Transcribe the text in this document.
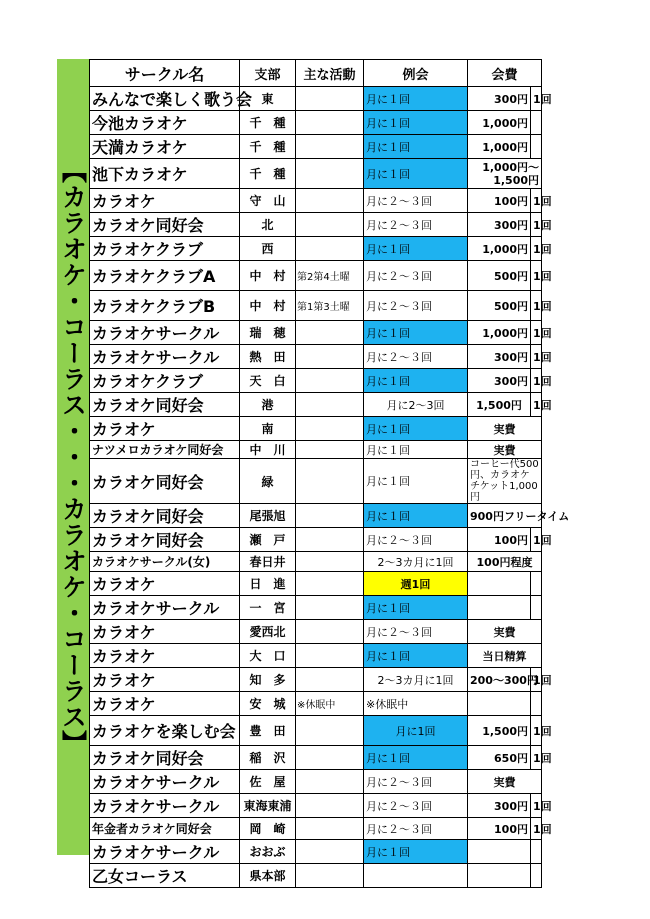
【カラオケ・コーラス・・・カラオケ・コーラス】
サークル名	支部	主な活動	例会	会費	
みんなで楽しく歌う会	東		月に１回	300円	1回
今池カラオケ	千　種		月に１回	1,000円	
天満カラオケ	千　種		月に１回	1,000円	
池下カラオケ	千　種		月に１回	1,000円～1,500円	
カラオケ	守　山		月に２～３回	100円	1回
カラオケ同好会	北		月に２～３回	300円	1回
カラオケクラブ	西		月に１回	1,000円	1回
カラオケクラブA	中　村	第2第4土曜	月に２～３回	500円	1回
カラオケクラブB	中　村	第1第3土曜	月に２～３回	500円	1回
カラオケサークル	瑞　穂		月に１回	1,000円	1回
カラオケサークル	熱　田		月に２～３回	300円	1回
カラオケクラブ	天　白		月に１回	300円	1回
カラオケ同好会	港		月に2～3回	1,500円	1回
カラオケ	南		月に１回	実費	
ナツメロカラオケ同好会	中　川		月に１回	実費	
カラオケ同好会	緑		月に１回	コーヒー代500円、カラオケチケット1,000円	
カラオケ同好会	尾張旭		月に１回	900円フリータイム	
カラオケ同好会	瀬　戸		月に２～３回	100円	1回
カラオケサークル(女)	春日井		2～3カ月に1回	100円程度	
カラオケ	日　進		週1回		
カラオケサークル	一　宮		月に１回		
カラオケ	愛西北		月に２～３回	実費	
カラオケ	大　口		月に１回	当日精算	
カラオケ	知　多		2～3カ月に1回	200～300円	1回
カラオケ	安　城	※休眠中	※休眠中		
カラオケを楽しむ会	豊　田		月に1回	1,500円	1回
カラオケ同好会	稲　沢		月に１回	650円	1回
カラオケサークル	佐　屋		月に２～３回	実費	
カラオケサークル	東海東浦		月に２～３回	300円	1回
年金者カラオケ同好会	岡　崎		月に２～３回	100円	1回
カラオケサークル	おおぶ		月に１回		
乙女コーラス	県本部				
